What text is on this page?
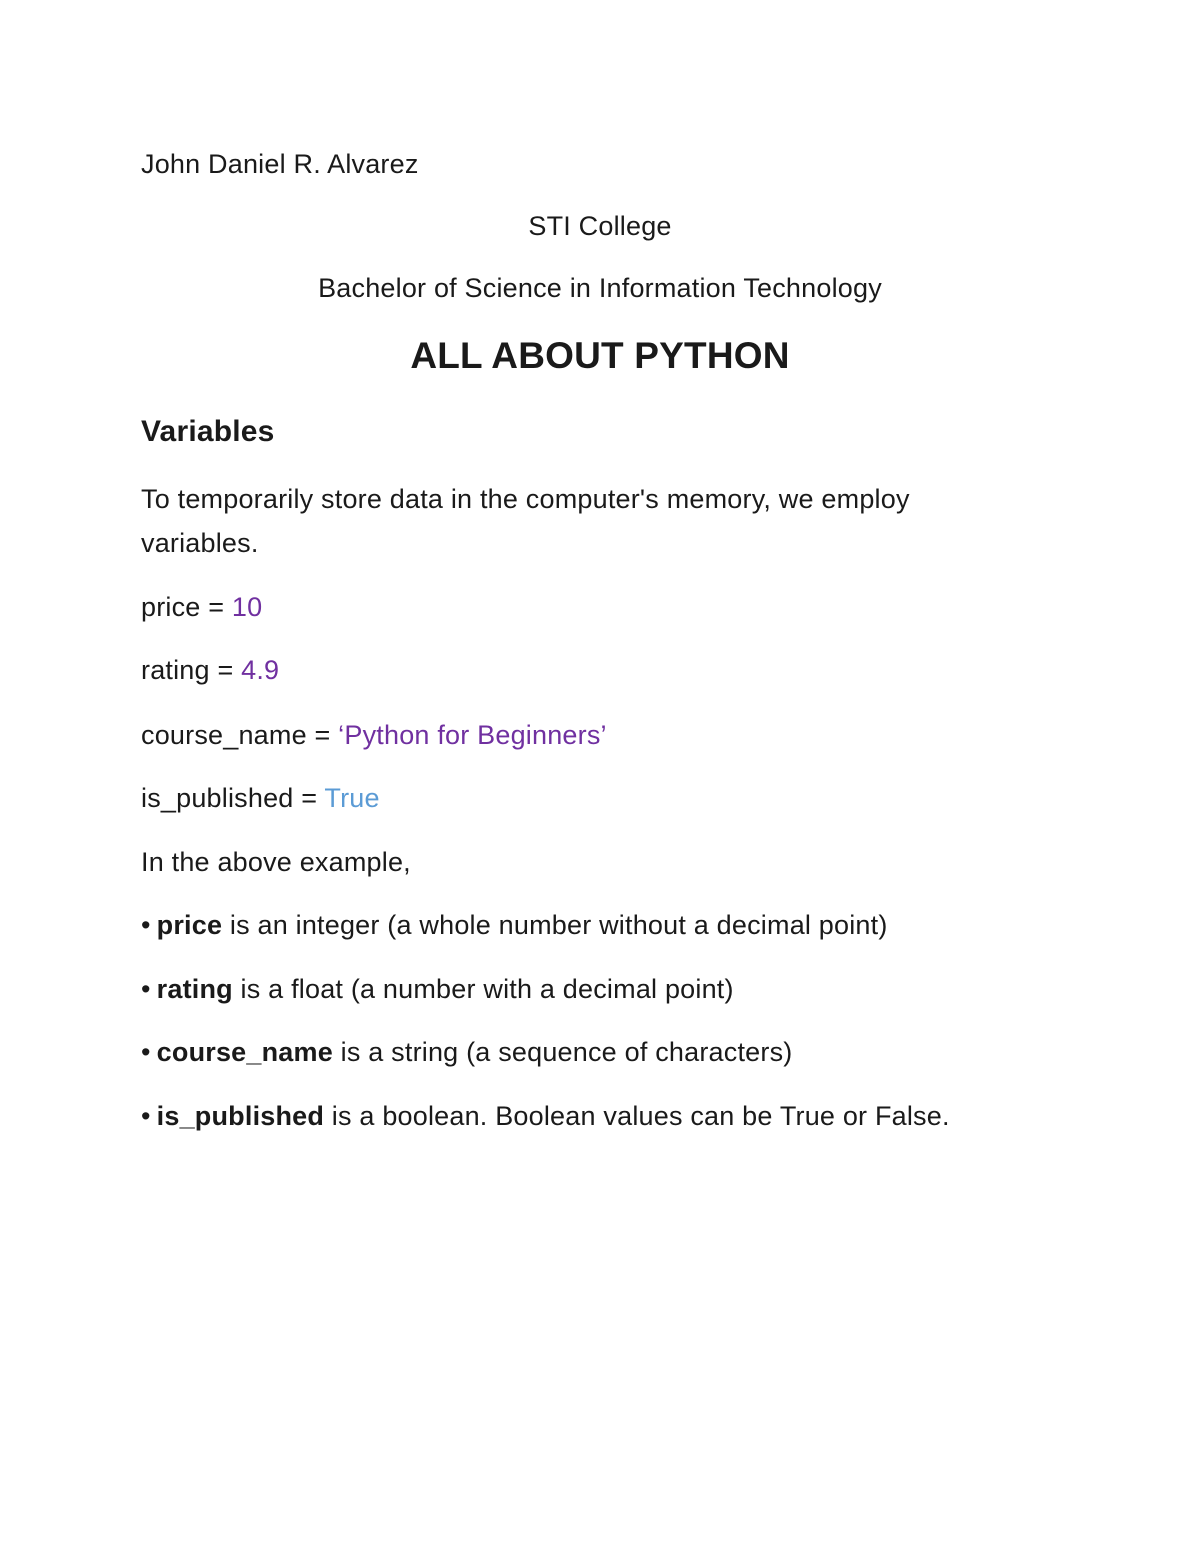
John Daniel R. Alvarez
STI College
Bachelor of Science in Information Technology
ALL ABOUT PYTHON
Variables
To temporarily store data in the computer's memory, we employ
variables.
price = 10
rating = 4.9
course_name = ‘Python for Beginners’
is_published = True
In the above example,
• price is an integer (a whole number without a decimal point)
• rating is a float (a number with a decimal point)
• course_name is a string (a sequence of characters)
• is_published is a boolean. Boolean values can be True or False.
